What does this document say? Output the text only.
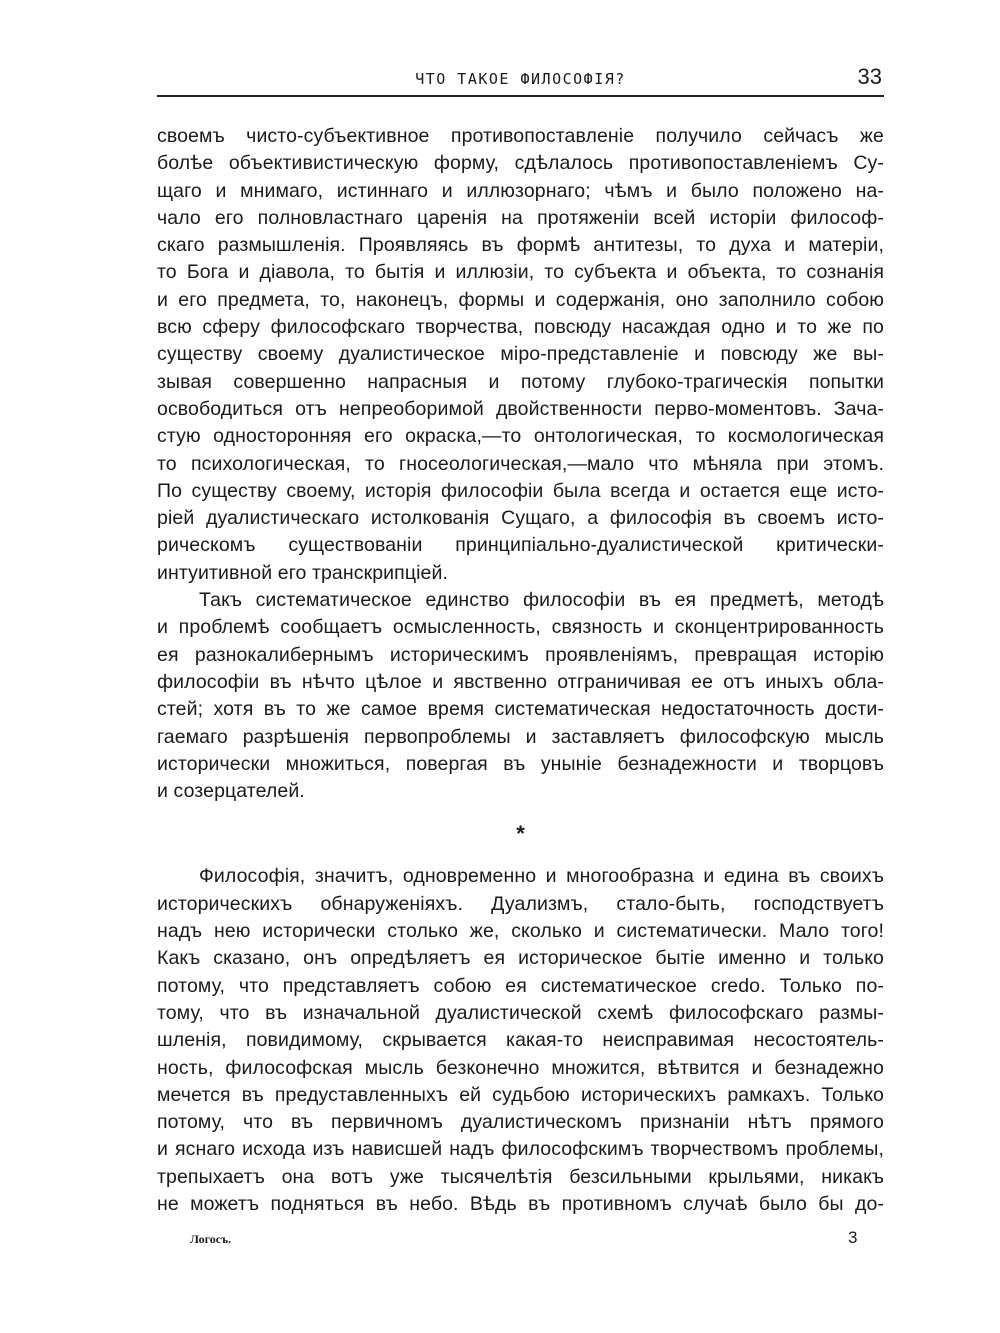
ЧТО ТАКОЕ ФИЛОСОФІЯ?	33
своемъ чисто-субъективное противопоставленіе получило сейчасъ же
болѣе объективистическую форму, сдѣлалось противопоставленіемъ Су-
щаго и мнимаго, истиннаго и иллюзорнаго; чѣмъ и было положено на-
чало его полновластнаго царенія на протяженіи всей исторіи философ-
скаго размышленія. Проявляясь въ формѣ антитезы, то духа и матеріи,
то Бога и діавола, то бытія и иллюзіи, то субъекта и объекта, то сознанія
и его предмета, то, наконецъ, формы и содержанія, оно заполнило собою
всю сферу философскаго творчества, повсюду насаждая одно и то же по
существу своему дуалистическое міро-представленіе и повсюду же вы-
зывая совершенно напрасныя и потому глубоко-трагическія попытки
освободиться отъ непреоборимой двойственности перво-моментовъ. Зача-
стую односторонняя его окраска,—то онтологическая, то космологическая
то психологическая, то гносеологическая,—мало что мѣняла при этомъ.
По существу своему, исторія философіи была всегда и остается еще исто-
ріей дуалистическаго истолкованія Сущаго, а философія въ своемъ исто-
рическомъ существованіи принципіально-дуалистической критически-
интуитивной его транскрипціей.
Такъ систематическое единство философіи въ ея предметѣ, методѣ
и проблемѣ сообщаетъ осмысленность, связность и сконцентрированность
ея разнокалибернымъ историческимъ проявленіямъ, превращая исторію
философіи въ нѣчто цѣлое и явственно отграничивая ее отъ иныхъ обла-
стей; хотя въ то же самое время систематическая недостаточность дости-
гаемаго разрѣшенія первопроблемы и заставляетъ философскую мысль
исторически множиться, повергая въ уныніе безнадежности и творцовъ
и созерцателей.
*
Философія, значитъ, одновременно и многообразна и едина въ своихъ
историческихъ обнаруженіяхъ. Дуализмъ, стало-быть, господствуетъ
надъ нею исторически столько же, сколько и систематически. Мало того!
Какъ сказано, онъ опредѣляетъ ея историческое бытіе именно и только
потому, что представляетъ собою ея систематическое credo. Только по-
тому, что въ изначальной дуалистической схемѣ философскаго размы-
шленія, повидимому, скрывается какая-то неисправимая несостоятель-
ность, философская мысль безконечно множится, вѣтвится и безнадежно
мечется въ предуставленныхъ ей судьбою историческихъ рамкахъ. Только
потому, что въ первичномъ дуалистическомъ признаніи нѣтъ прямого
и яснаго исхода изъ нависшей надъ философскимъ творчествомъ проблемы,
трепыхаетъ она вотъ уже тысячелѣтія безсильными крыльями, никакъ
не можетъ подняться въ небо. Вѣдь въ противномъ случаѣ было бы до-
Логосъ.	3
